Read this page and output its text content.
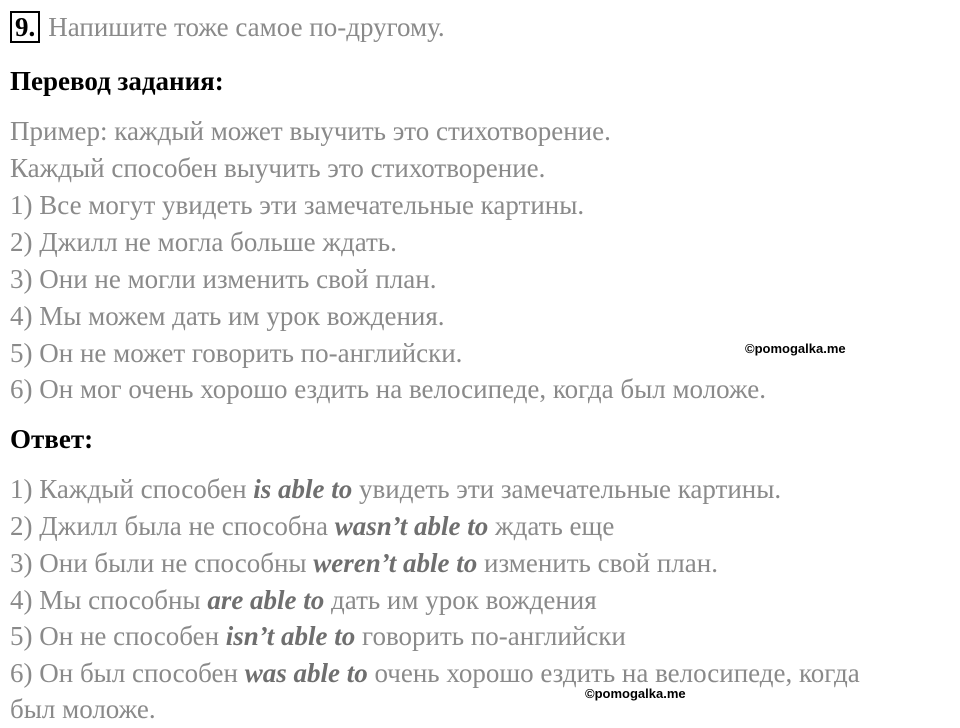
9. Напишите тоже самое по-другому.
Перевод задания:
Пример: каждый может выучить это стихотворение.
Каждый способен выучить это стихотворение.
1) Все могут увидеть эти замечательные картины.
2) Джилл не могла больше ждать.
3) Они не могли изменить свой план.
4) Мы можем дать им урок вождения.
5) Он не может говорить по-английски.
6) Он мог очень хорошо ездить на велосипеде, когда был моложе.
Ответ:
1) Каждый способен is able to увидеть эти замечательные картины.
2) Джилл была не способна wasn’t able to ждать еще
3) Они были не способны weren’t able to изменить свой план.
4) Мы способны are able to дать им урок вождения
5) Он не способен isn’t able to говорить по-английски
6) Он был способен was able to очень хорошо ездить на велосипеде, когда
был моложе.
©pomogalka.me
©pomogalka.me
